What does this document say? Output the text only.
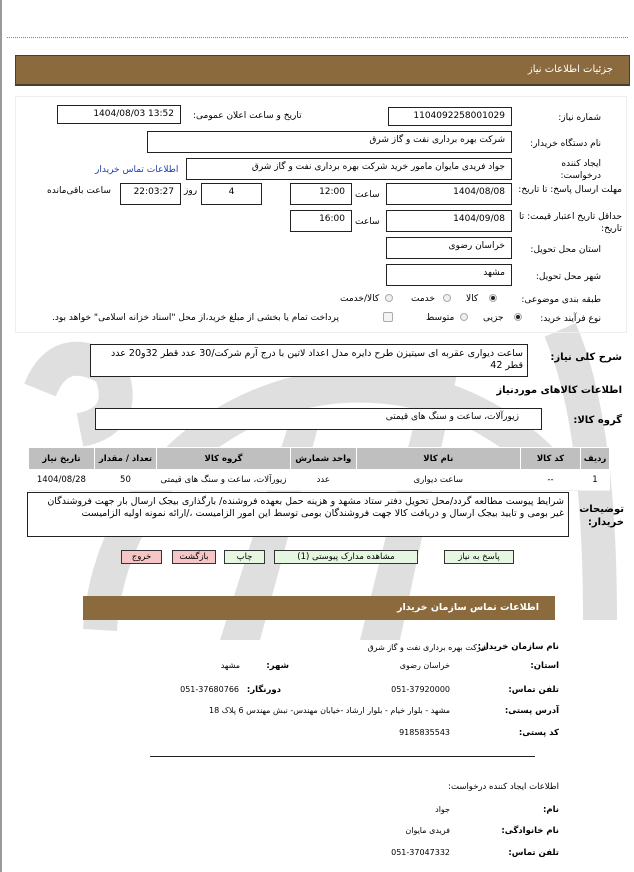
جزئیات اطلاعات نیاز
شماره نیاز:
1104092258001029
تاریخ و ساعت اعلان عمومی:
1404/08/03 13:52
نام دستگاه خریدار:
شرکت بهره برداری نفت و گاز شرق
ایجاد کننده درخواست:
جواد فریدی مایوان مامور خرید شرکت بهره برداری نفت و گاز شرق
اطلاعات تماس خریدار
مهلت ارسال پاسخ: تا تاریخ:
1404/08/08
ساعت
12:00
4
روز
22:03:27
ساعت باقی‌مانده
حداقل تاریخ اعتبار قیمت: تا تاریخ:
1404/09/08
ساعت
16:00
استان محل تحویل:
خراسان رضوی
شهر محل تحویل:
مشهد
طبقه بندی موضوعی:
کالا
خدمت
کالا/خدمت
نوع فرآیند خرید:
جزیی
متوسط
پرداخت تمام یا بخشی از مبلغ خرید،از محل "اسناد خزانه اسلامی" خواهد بود.
شرح کلی نیاز:
ساعت دیواری عقربه ای سیتیزن طرح دایره مدل اعداد لاتین با درج آرم شرکت/30 عدد قطر 32و20 عدد قطر 42
اطلاعات کالاهای موردنیاز
گروه کالا:
زیورآلات، ساعت و سنگ های قیمتی
ردیف	کد کالا	نام کالا	واحد شمارش	گروه کالا	تعداد / مقدار	تاریخ نیاز
1	--	ساعت دیواری	عدد	زیورآلات، ساعت و سنگ های قیمتی	50	1404/08/28
توضیحات خریدار:
شرایط پیوست مطالعه گردد/محل تحویل دفتر ستاد مشهد و هزینه حمل بعهده فروشنده/ بارگذاری بیجک ارسال بار جهت فروشندگان غیر بومی و تایید بیجک ارسال و دریافت کالا جهت فروشندگان بومی توسط این امور الزامیست ،/ارائه نمونه اولیه الزامیست
پاسخ به نیاز
مشاهده مدارک پیوستی (1)
چاپ
بازگشت
خروج
اطلاعات تماس سازمان خریدار
نام سازمان خریدار:
شرکت بهره برداری نفت و گاز شرق
استان:
خراسان رضوی
شهر:
مشهد
تلفن تماس:
051-37920000
دورنگار:
051-37680766
آدرس پستی:
مشهد - بلوار خیام - بلوار ارشاد -خیابان مهندس- نبش مهندس 6 پلاک 18
کد پستی:
9185835543
اطلاعات ایجاد کننده درخواست:
نام:
جواد
نام خانوادگی:
فریدی مایوان
تلفن تماس:
051-37047332
